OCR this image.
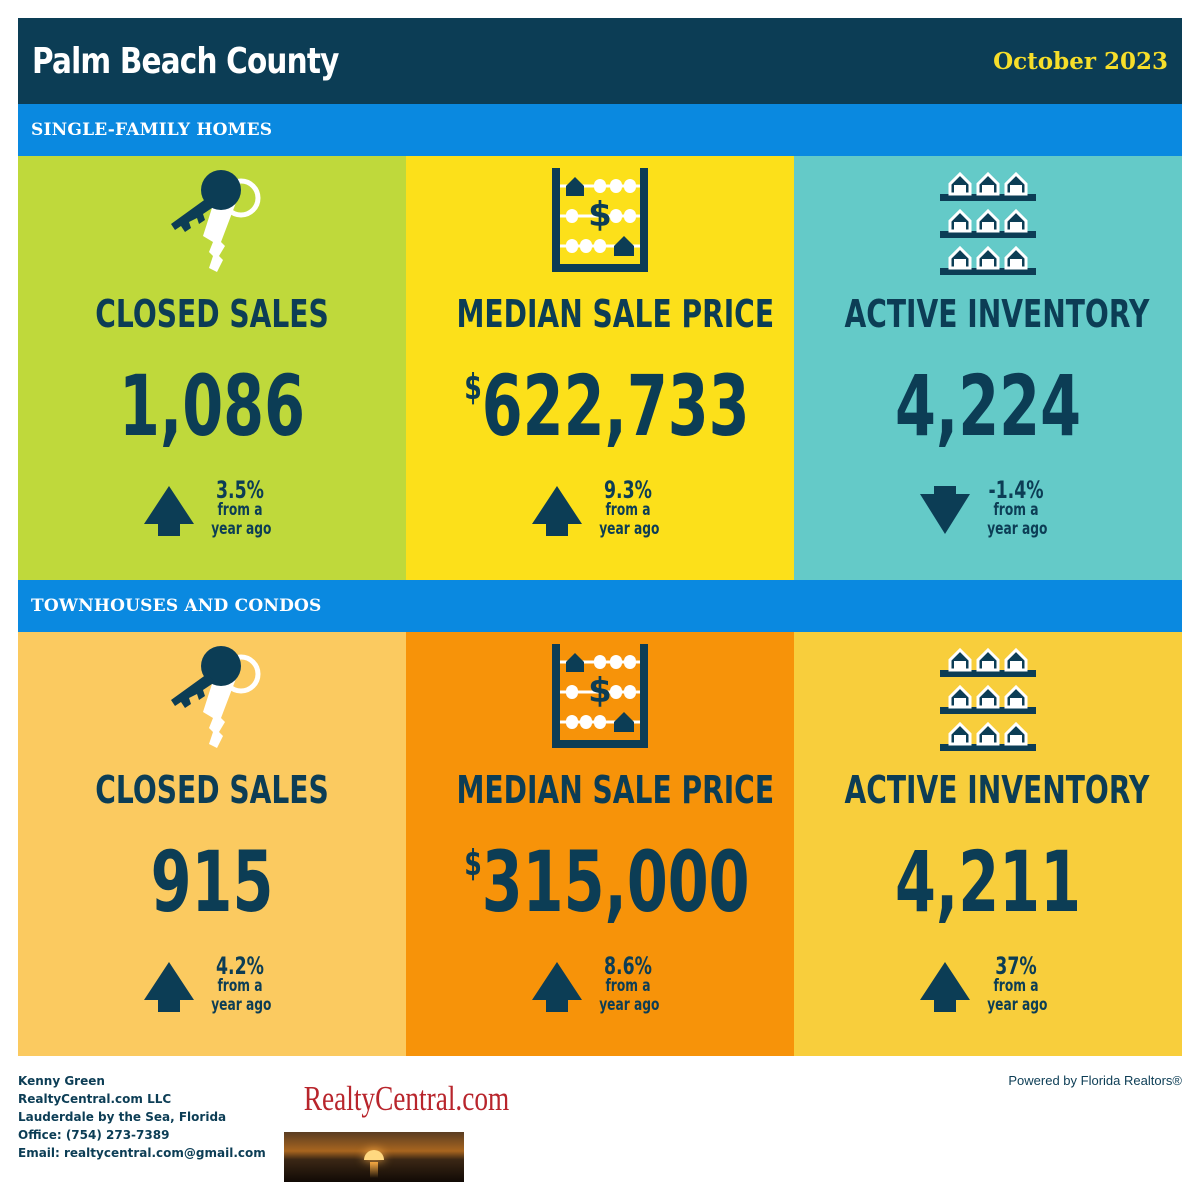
Palm Beach County	October 2023
SINGLE-FAMILY HOMES
CLOSED SALES
1,086
3.5%
from a
year ago
$
MEDIAN SALE PRICE
$622,733
9.3%
from a
year ago
ACTIVE INVENTORY
4,224
-1.4%
from a
year ago
TOWNHOUSES AND CONDOS
CLOSED SALES
915
4.2%
from a
year ago
$
MEDIAN SALE PRICE
$315,000
8.6%
from a
year ago
ACTIVE INVENTORY
4,211
37%
from a
year ago
Kenny Green
RealtyCentral.com LLC
Lauderdale by the Sea, Florida
Office: (754) 273-7389
Email: realtycentral.com@gmail.com
RealtyCentral.com	Powered by Florida Realtors®
